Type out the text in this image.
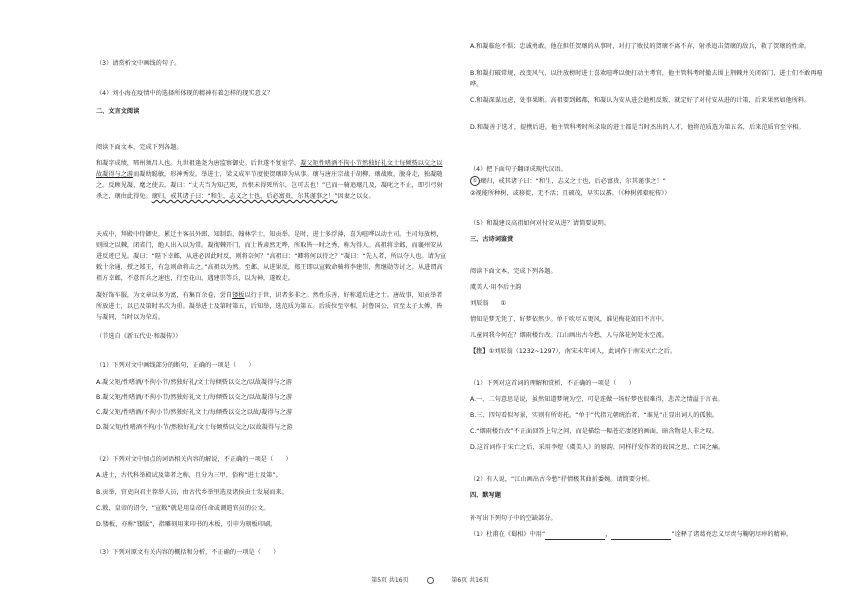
（3）请赏析文中画线的句子。
（4）刘小海在疫情中的选择所体现的精神有着怎样的现实意义？
二、文言文阅读
阅读下面文本，完成下列各题。
和凝字成绩，郓州须昌人也。九世祖逢尧为唐监察御史。后世遂不复宦学。凝父矩性嗜酒不拘小节然独好礼文士每倾赀以交之以故凝得与之游而凝幼聪敏，形神秀发。举进士，梁义成军节度使贺瓌辟为从事。瓌与唐庄宗战于胡柳，瓌战败，脱身走，独凝随之。反顾见凝，麾之使去。凝曰：“丈夫当为知己死，吾恨未得死所尔，岂可去也！”已而一骑追瓌几及，凝叱之不止，即引弓射杀之，瓌由此得免。瓌归，戒其诸子曰：“和生，志义之士也，后必富贵，尔其谨事之！”因妻之以女。
天成中，拜殿中侍御史，累迁主客员外郎、知制诰、翰林学士，知贡举。是时，进士多浮薄，喜为喧哗以动主司。主司每放榜，则围之以棘，闭省门，绝人出入以为常。凝彻棘开门，而士皆肃然无哗，所取皆一时之秀，称为得人。高祖将幸邺，而襄州安从进反迹已见。凝曰：“陛下幸邺，从进必因此时反，则将奈何？”高祖曰：“卿将何以待之？”凝曰：“先人者，所以夺人也。请为宣敕十余通，授之郑王，有急则命将击之。”高祖以为然。至邺，从进果反，郑王即以宣敕命骑将李建崇、焦继勋等讨之。从进谓高祖方幸邺，不意晋兵之速也，行至花山，遇建崇等兵，以为神，遂败走。
凝好饰车服，为文章以多为富，有集百余卷，尝自镂板以行于世，识者多非之。然性乐善，好称道后进之士。唐故事，知贡举者所放进士，以已及第时名次为重。凝举进士及第时第五，后知举，选范质为第五。后质位至宰相，封鲁国公，官至太子太傅，皆与凝同，当时以为荣焉。
（节选自《新五代史·和凝传》）
（1）下列对文中画线部分的断句，正确的一项是（　　）
A.凝父矩/性嗜酒/不拘小节/然独好礼/文士每倾赀以交之/以故凝得与之游
B.凝父矩/性嗜酒/不拘小节/然独好礼文士/每倾赀以交之/以故凝得与之游
C.凝父矩/性嗜酒/不拘小节/然独好礼文士/每倾赀以交之以故/凝得与之游
D.凝父矩/性嗜酒不拘/小节/然独好礼/文士每倾赀以交之/以故凝得与之游
（2）下列对文中加点的词语相关内容的解说，不正确的一项是（　　）
A.进士，古代科举殿试及第者之称，且分为三甲，俗称“进士及第”。
B.贡举，官吏向君主荐举人员，由古代乡举里选及诸侯贡士发展而来。
C.敕，皇帝的诏令，“宣敕”就是用皇帝任命或调遣官员的公文。
D.镂板，亦称“镂版”，指雕刻用来印书的木板，引申为刻板印刷。
（3）下列对原文有关内容的概括和分析，不正确的一项是（　　）
A.和凝临危不惧；忠诚勇敢。他在担任贺瓌的从事时，对打了败仗的贺瓌不离不弃，射杀追击贺瓌的敌兵，救了贺瓌的性命。
B.和凝打破常规，改变风气，以往放榜时进士喜欢喧哗以便打动主考官，他主管科考时撤去围上荆棘并关闭省门，进士们不敢再喧哗。
C.和凝深谋远虑，处事果断。高祖要到邺都，和凝认为安从进会趁机反叛，就定好了对付安从进的计策，后来果然如他所料。
D.和凝善于选才，提携后进。他主管科考时所录取的进士都是当时杰出的人才，他将范质选为第五名，后来范质官至宰相。
（4）把下面句子翻译成现代汉语。
① 瓌归，戒其诸子曰：“和生，志义之士也，后必富贵，尔其谨事之！”
②视能所种树，或移徙，无不活；且硕茂，早实以蕃。（《种树郭橐驼传》）
（5）和凝建议高祖如何对付安从进？请简要说明。
三、古诗词鉴赏
阅读下面文本，完成下列各题。
虞美人·用李后主韵
刘辰翁 ①
情知是梦无凭了，好梦依然少。单于吹尽五更风，谁见梅花如旧不言中。
儿童问我今何在？烟雨楼台改。江山画出古今愁，人与落花何处水空流。
【注】①刘辰翁（1232~1297），南宋末年词人，此词作于南宋灭亡之后。
（1）下列对这首词的理解和赏析，不正确的一项是（　　）
A.一、二句意思是说，虽然知道梦境为空，可是连做一场好梦也很难得，悲苦之情溢于言表。
B.三、四句看似写景，实则有所寄托。“单于”代指元朝统治者，“谁见”正显出词人的孤独。
C.“烟雨楼台改”不正面回答上句之问，而是描绘一幅苍茫凄迷的画面，暗含物是人非之叹。
D.这首词作于宋亡之后，采用李煜《虞美人》的原韵，同样抒发作者的故国之思、亡国之痛。
（2）有人说，“江山画出古今愁”抒情极其曲折委婉。请简要分析。
四、默写题
补写出下列句子中的空缺部分。
（1）杜甫在《蜀相》中用“	，	”诠释了诸葛亮忠义尽责与鞠躬尽瘁的精神。
第5页 共16页	第6页 共16页
